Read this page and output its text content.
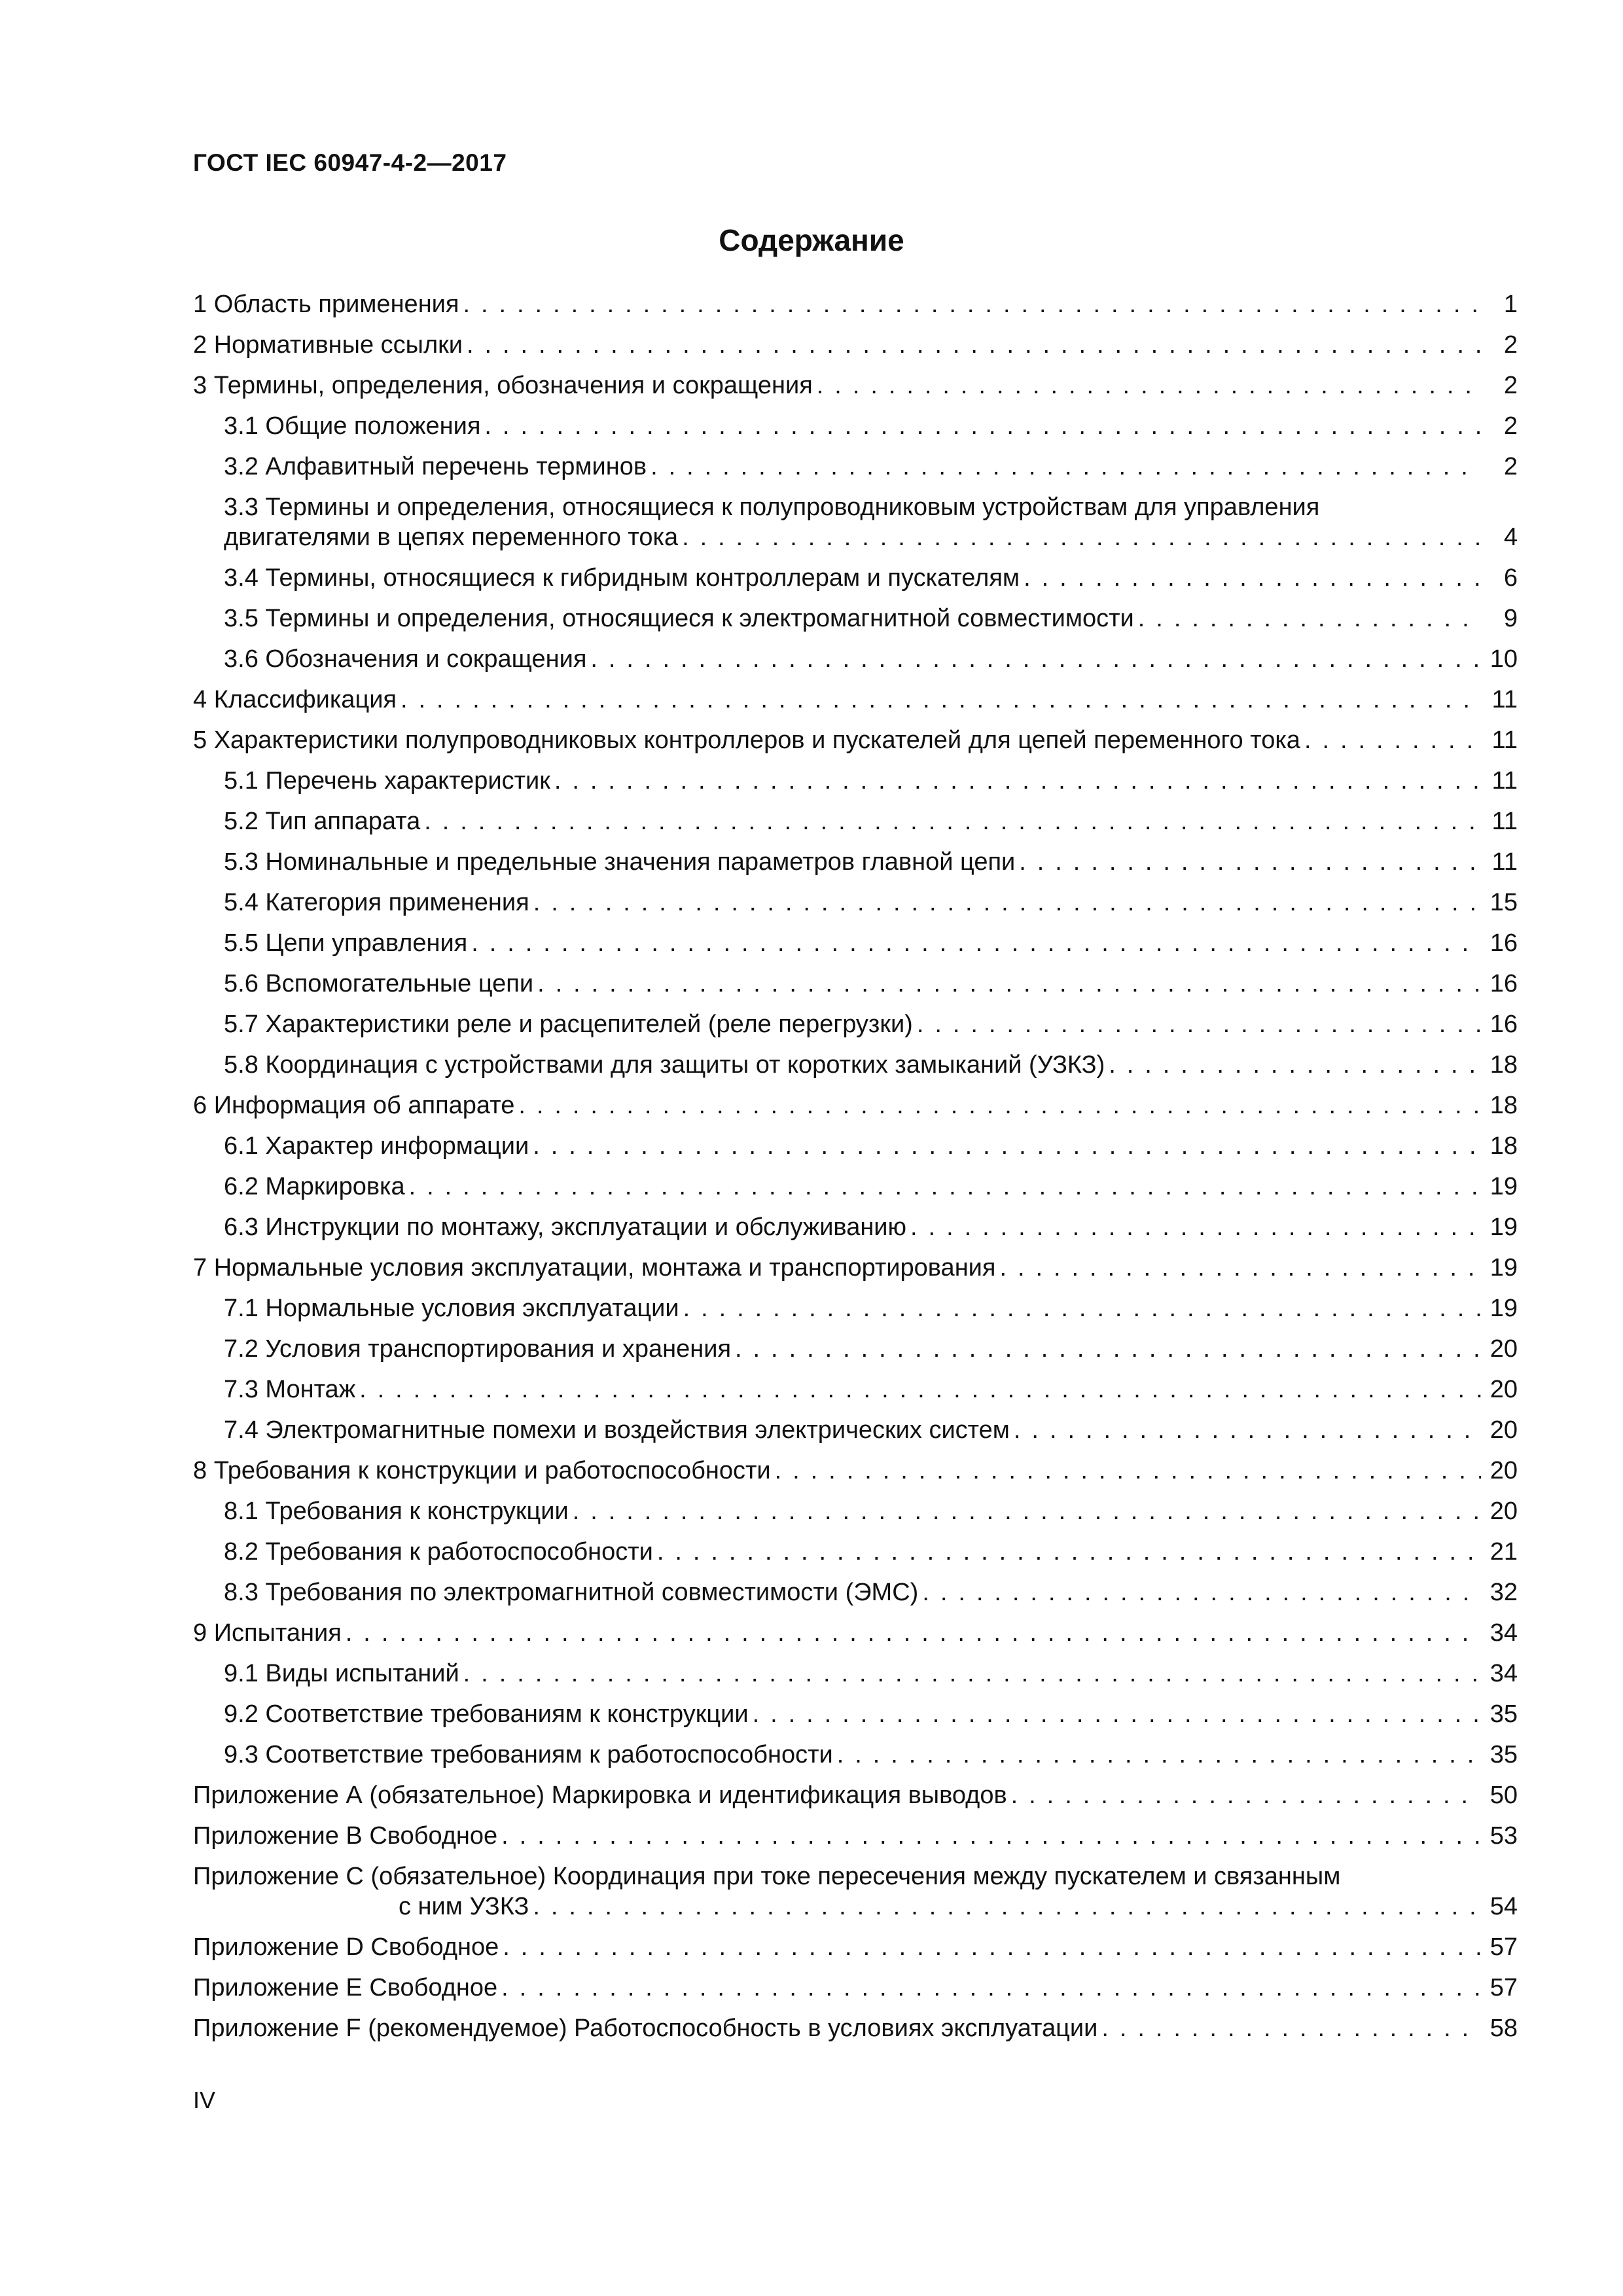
ГОСТ IEC 60947-4-2—2017
Содержание
1 Область применения . . .	1
2 Нормативные ссылки . . .	2
3 Термины, определения, обозначения и сокращения . . .	2
3.1 Общие положения . . .	2
3.2 Алфавитный перечень терминов . . .	2
3.3 Термины и определения, относящиеся к полупроводниковым устройствам для управления
двигателями в цепях переменного тока . . .	4
3.4 Термины, относящиеся к гибридным контроллерам и пускателям . . .	6
3.5 Термины и определения, относящиеся к электромагнитной совместимости . . .	9
3.6 Обозначения и сокращения . . .	10
4 Классификация . . .	11
5 Характеристики полупроводниковых контроллеров и пускателей для цепей переменного тока . . .	11
5.1 Перечень характеристик . . .	11
5.2 Тип аппарата . . .	11
5.3 Номинальные и предельные значения параметров главной цепи . . .	11
5.4 Категория применения . . .	15
5.5 Цепи управления . . .	16
5.6 Вспомогательные цепи . . .	16
5.7 Характеристики реле и расцепителей (реле перегрузки) . . .	16
5.8 Координация с устройствами для защиты от коротких замыканий (УЗКЗ) . . .	18
6 Информация об аппарате . . .	18
6.1 Характер информации . . .	18
6.2 Маркировка . . .	19
6.3 Инструкции по монтажу, эксплуатации и обслуживанию . . .	19
7 Нормальные условия эксплуатации, монтажа и транспортирования . . .	19
7.1 Нормальные условия эксплуатации . . .	19
7.2 Условия транспортирования и хранения . . .	20
7.3 Монтаж . . .	20
7.4 Электромагнитные помехи и воздействия электрических систем . . .	20
8 Требования к конструкции и работоспособности . . .	20
8.1 Требования к конструкции . . .	20
8.2 Требования к работоспособности . . .	21
8.3 Требования по электромагнитной совместимости (ЭМС) . . .	32
9 Испытания . . .	34
9.1 Виды испытаний . . .	34
9.2 Соответствие требованиям к конструкции . . .	35
9.3 Соответствие требованиям к работоспособности . . .	35
Приложение А (обязательное) Маркировка и идентификация выводов . . .	50
Приложение В Свободное . . .	53
Приложение С (обязательное) Координация при токе пересечения между пускателем и связанным
с ним УЗКЗ . . .	54
Приложение D Свободное . . .	57
Приложение Е Свободное . . .	57
Приложение F (рекомендуемое) Работоспособность в условиях эксплуатации . . .	58
IV
